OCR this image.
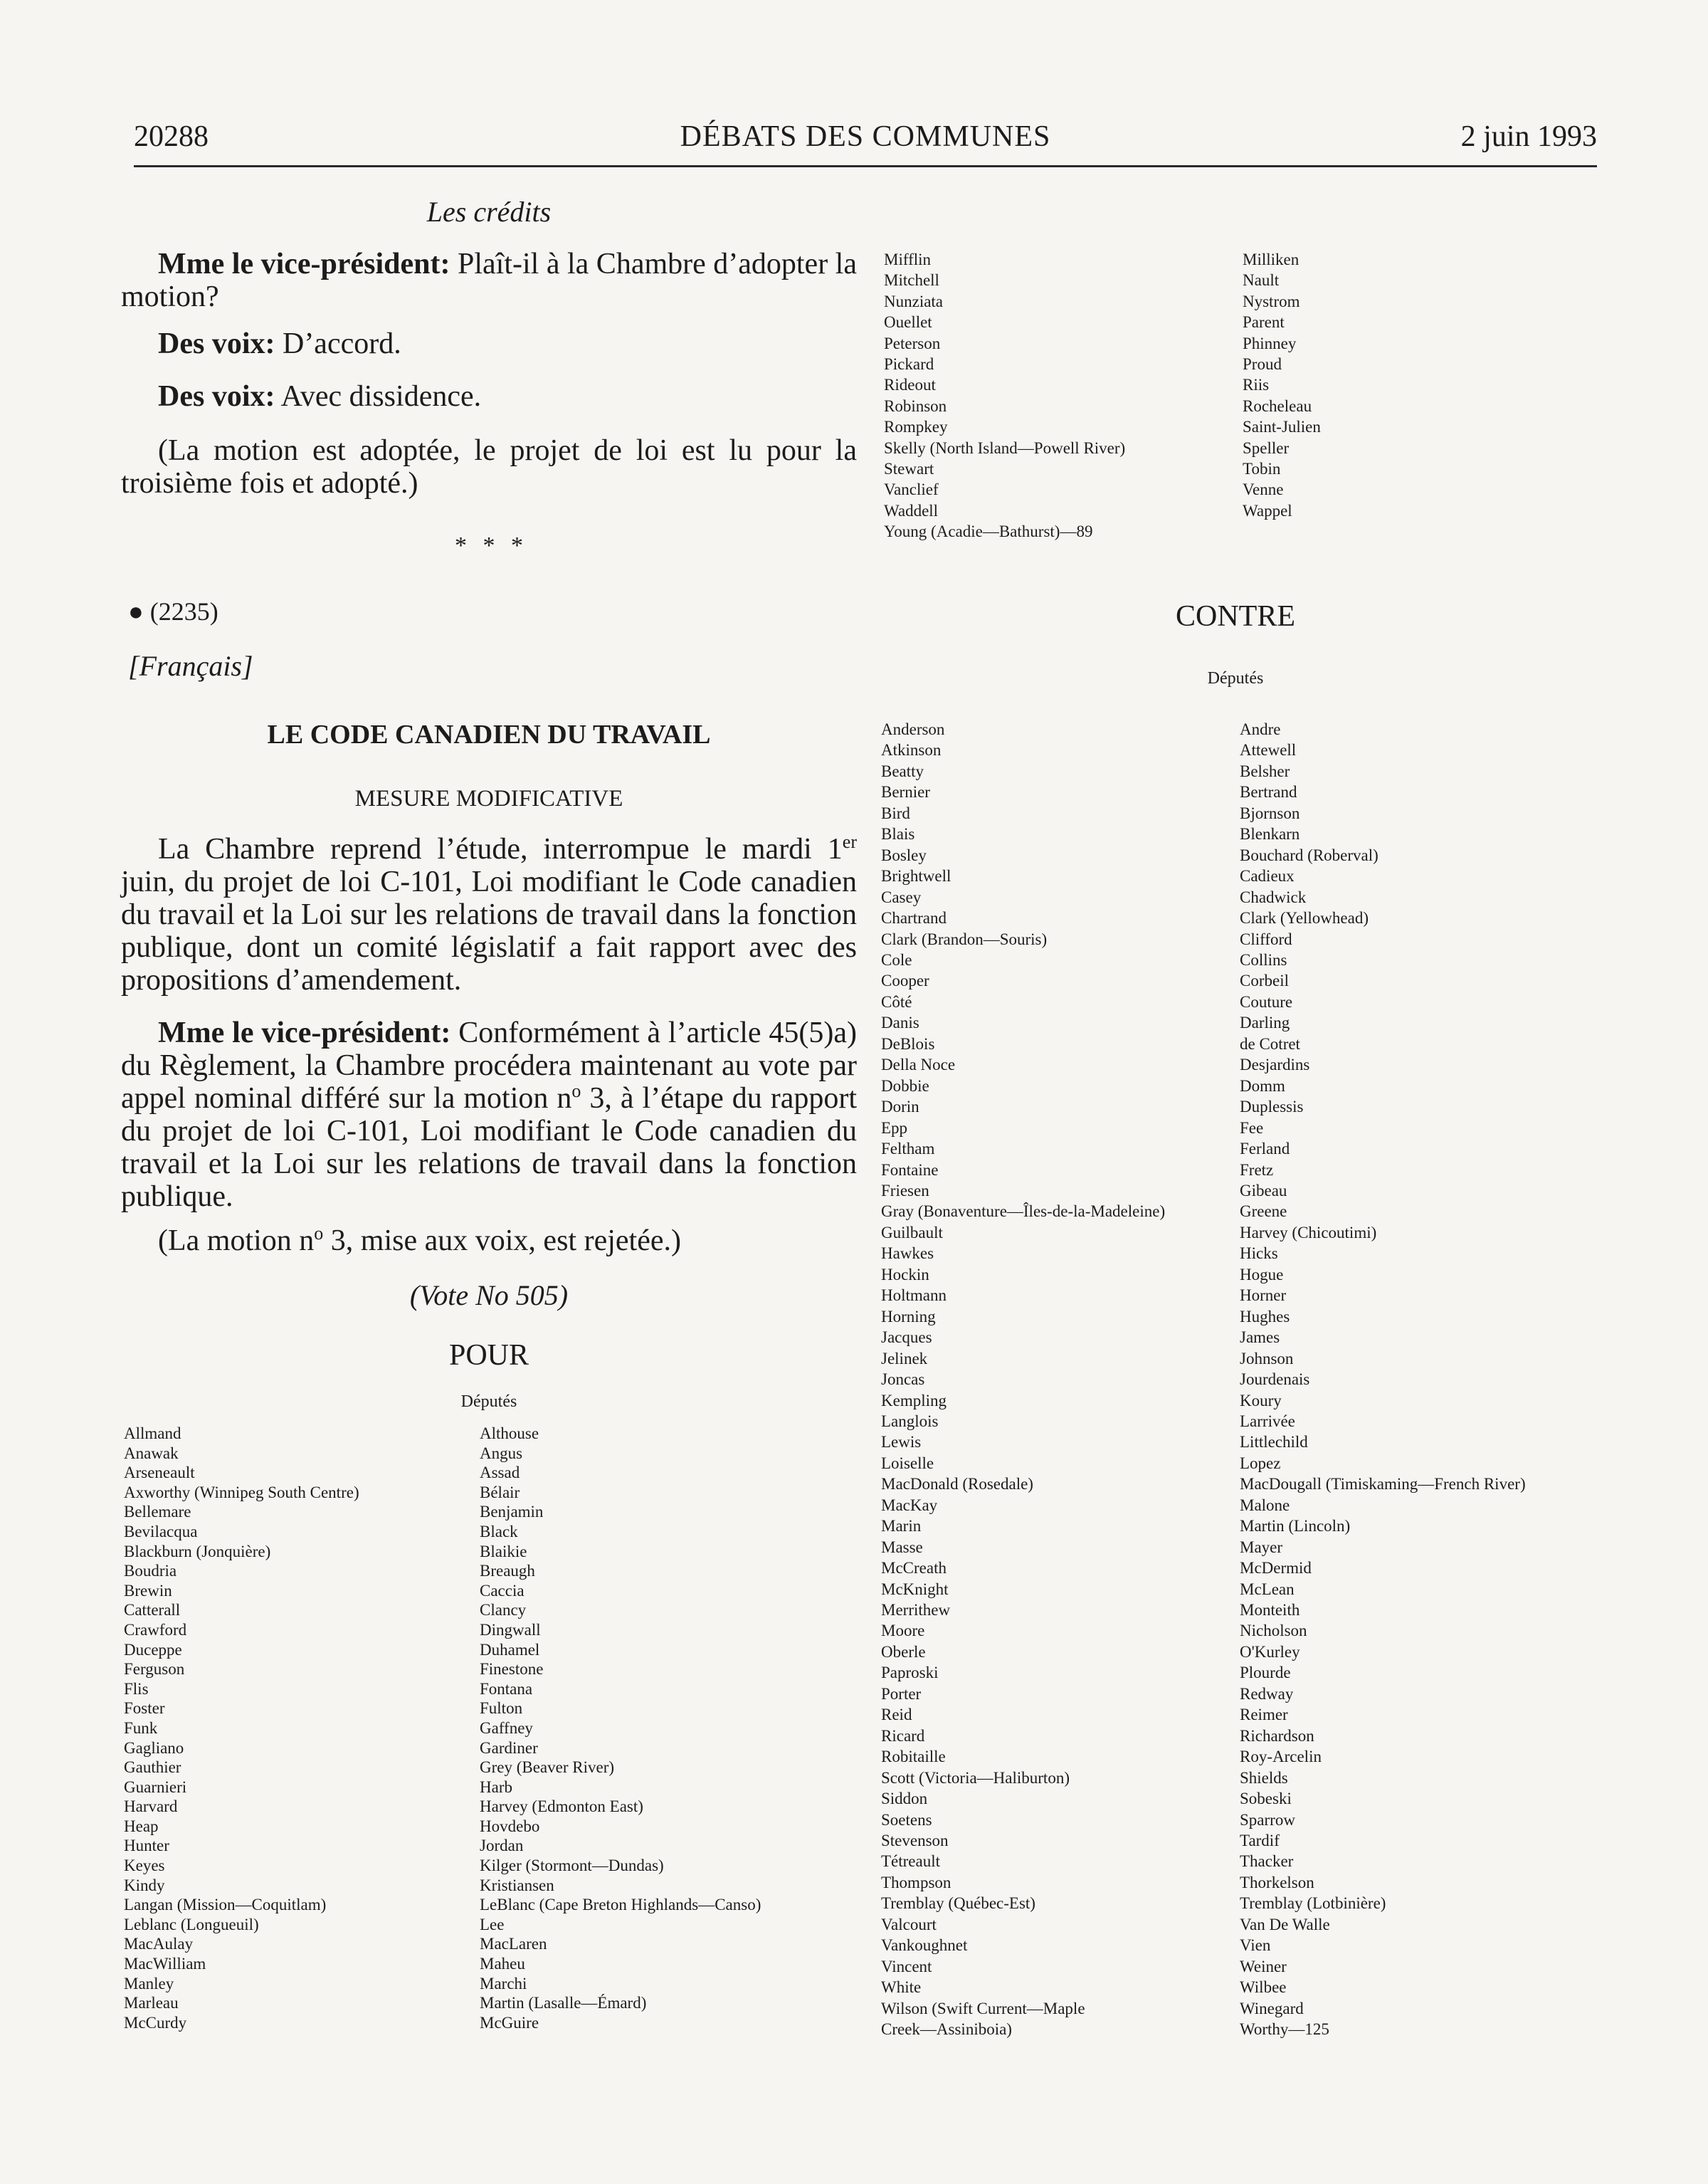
20288	DÉBATS DES COMMUNES	2 juin 1993
Les crédits

Mme le vice-président: Plaît-il à la Chambre d’adopter la motion?

Des voix: D’accord.

Des voix: Avec dissidence.

(La motion est adoptée, le projet de loi est lu pour la troisième fois et adopté.)

* * *
● (2235)
[Français]
LE CODE CANADIEN DU TRAVAIL
MESURE MODIFICATIVE

La Chambre reprend l’étude, interrompue le mardi 1er juin, du projet de loi C-101, Loi modifiant le Code canadien du travail et la Loi sur les relations de travail dans la fonction publique, dont un comité législatif a fait rapport avec des propositions d’amendement.

Mme le vice-président: Conformément à l’article 45(5)a) du Règlement, la Chambre procédera maintenant au vote par appel nominal différé sur la motion $n^o$ 3, à l’étape du rapport du projet de loi C-101, Loi modifiant le Code canadien du travail et la Loi sur les relations de travail dans la fonction publique.

(La motion $n^o$ 3, mise aux voix, est rejetée.)

(Vote No 505)
POUR
Députés
Allmand
Anawak
Arseneault
Axworthy (Winnipeg South Centre)
Bellemare
Bevilacqua
Blackburn (Jonquière)
Boudria
Brewin
Catterall
Crawford
Duceppe
Ferguson
Flis
Foster
Funk
Gagliano
Gauthier
Guarnieri
Harvard
Heap
Hunter
Keyes
Kindy
Langan (Mission—Coquitlam)
Leblanc (Longueuil)
MacAulay
MacWilliam
Manley
Marleau
McCurdy
Althouse
Angus
Assad
Bélair
Benjamin
Black
Blaikie
Breaugh
Caccia
Clancy
Dingwall
Duhamel
Finestone
Fontana
Fulton
Gaffney
Gardiner
Grey (Beaver River)
Harb
Harvey (Edmonton East)
Hovdebo
Jordan
Kilger (Stormont—Dundas)
Kristiansen
LeBlanc (Cape Breton Highlands—Canso)
Lee
MacLaren
Maheu
Marchi
Martin (Lasalle—Émard)
McGuire
Mifflin
Mitchell
Nunziata
Ouellet
Peterson
Pickard
Rideout
Robinson
Rompkey
Skelly (North Island—Powell River)
Stewart
Vanclief
Waddell
Young (Acadie—Bathurst)—89
Milliken
Nault
Nystrom
Parent
Phinney
Proud
Riis
Rocheleau
Saint-Julien
Speller
Tobin
Venne
Wappel
CONTRE
Députés
Anderson
Atkinson
Beatty
Bernier
Bird
Blais
Bosley
Brightwell
Casey
Chartrand
Clark (Brandon—Souris)
Cole
Cooper
Côté
Danis
DeBlois
Della Noce
Dobbie
Dorin
Epp
Feltham
Fontaine
Friesen
Gray (Bonaventure—Îles-de-la-Madeleine)
Guilbault
Hawkes
Hockin
Holtmann
Horning
Jacques
Jelinek
Joncas
Kempling
Langlois
Lewis
Loiselle
MacDonald (Rosedale)
MacKay
Marin
Masse
McCreath
McKnight
Merrithew
Moore
Oberle
Paproski
Porter
Reid
Ricard
Robitaille
Scott (Victoria—Haliburton)
Siddon
Soetens
Stevenson
Tétreault
Thompson
Tremblay (Québec-Est)
Valcourt
Vankoughnet
Vincent
White
Wilson (Swift Current—Maple
Creek—Assiniboia)
Andre
Attewell
Belsher
Bertrand
Bjornson
Blenkarn
Bouchard (Roberval)
Cadieux
Chadwick
Clark (Yellowhead)
Clifford
Collins
Corbeil
Couture
Darling
de Cotret
Desjardins
Domm
Duplessis
Fee
Ferland
Fretz
Gibeau
Greene
Harvey (Chicoutimi)
Hicks
Hogue
Horner
Hughes
James
Johnson
Jourdenais
Koury
Larrivée
Littlechild
Lopez
MacDougall (Timiskaming—French River)
Malone
Martin (Lincoln)
Mayer
McDermid
McLean
Monteith
Nicholson
O'Kurley
Plourde
Redway
Reimer
Richardson
Roy-Arcelin
Shields
Sobeski
Sparrow
Tardif
Thacker
Thorkelson
Tremblay (Lotbinière)
Van De Walle
Vien
Weiner
Wilbee
Winegard
Worthy—125
